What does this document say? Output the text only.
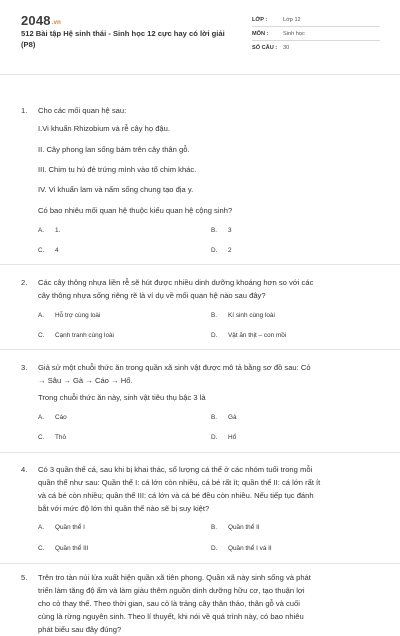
2048.vn
512 Bài tập Hệ sinh thái - Sinh học 12 cực hay có lời giải (P8)
LỚP :	Lớp 12
MÔN :	Sinh học
SỐ CÂU :	30
1. Cho các mối quan hệ sau:
I.Vi khuẩn Rhizobium và rễ cây họ đậu.
II. Cây phong lan sống bám trên cây thân gỗ.
III. Chim tu hú đẻ trứng mình vào tổ chim khác.
IV. Vi khuẩn lam và nấm sống chung tạo địa y.
Có bao nhiêu mối quan hệ thuộc kiểu quan hệ cộng sinh?
A. 1.	B. 3
C. 4	D. 2
2. Các cây thông nhựa liền rễ sẽ hút được nhiều dinh dưỡng khoáng hơn so với các
cây thông nhựa sống riêng rẽ là ví dụ về mối quan hệ nào sau đây?
A. Hỗ trợ cùng loài	B. Kí sinh cùng loài
C. Cạnh tranh cùng loài	D. Vật ăn thịt – con mồi
3. Giả sử một chuỗi thức ăn trong quần xã sinh vật được mô tả bằng sơ đồ sau: Cỏ
→ Sâu → Gà → Cáo → Hổ.
Trong chuỗi thức ăn này, sinh vật tiêu thụ bậc 3 là
A. Cáo	B. Gà
C. Thỏ	D. Hổ
4. Có 3 quần thể cá, sau khi bị khai thác, số lượng cá thể ở các nhóm tuổi trong mỗi
quần thể như sau: Quần thể I: cá lớn còn nhiều, cá bé rất ít; quần thể II: cá lớn rất ít
và cá bé còn nhiều; quần thể III: cá lớn và cá bé đều còn nhiều. Nếu tiếp tục đánh
bắt với mức độ lớn thì quần thể nào sẽ bị suy kiệt?
A. Quần thể I	B. Quần thể II
C. Quần thể III	D. Quần thể I và II
5. Trên tro tàn núi lửa xuất hiện quần xã tiên phong. Quần xã này sinh sống và phát
triển làm tăng độ ẩm và làm giàu thêm nguồn dinh dưỡng hữu cơ, tạo thuận lợi
cho cỏ thay thế. Theo thời gian, sau cỏ là trảng cây thân thảo, thân gỗ và cuối
cùng là rừng nguyên sinh. Theo lí thuyết, khi nói về quá trình này, có bao nhiêu
phát biểu sau đây đúng?
